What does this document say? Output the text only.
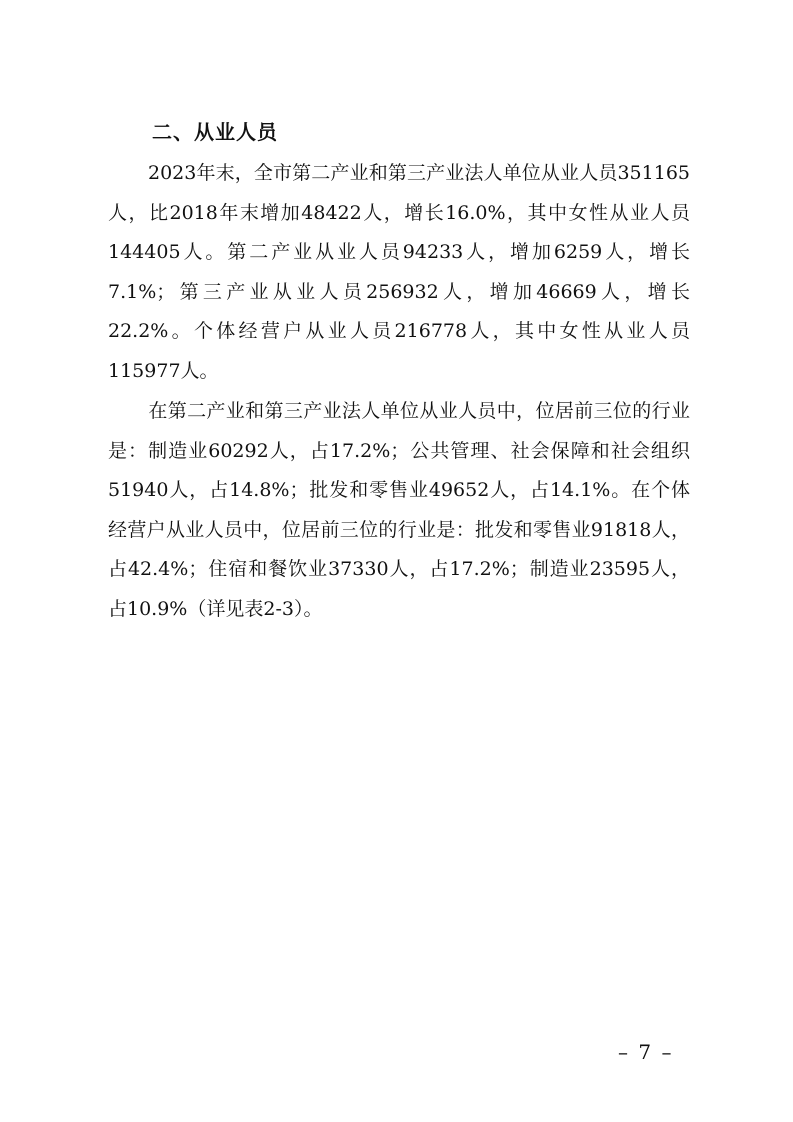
二、从业人员

2023年末，全市第二产业和第三产业法人单位从业人员351165人，比2018年末增加48422人，增长16.0%，其中女性从业人员144405人。第二产业从业人员94233人，增加6259人，增长7.1%；第三产业从业人员256932人，增加46669人，增长22.2%。个体经营户从业人员216778人，其中女性从业人员115977人。

在第二产业和第三产业法人单位从业人员中，位居前三位的行业是：制造业60292人，占17.2%；公共管理、社会保障和社会组织51940人，占14.8%；批发和零售业49652人，占14.1%。在个体经营户从业人员中，位居前三位的行业是：批发和零售业91818人，占42.4%；住宿和餐饮业37330人，占17.2%；制造业23595人，占10.9%（详见表2-3）。

– 7 –
